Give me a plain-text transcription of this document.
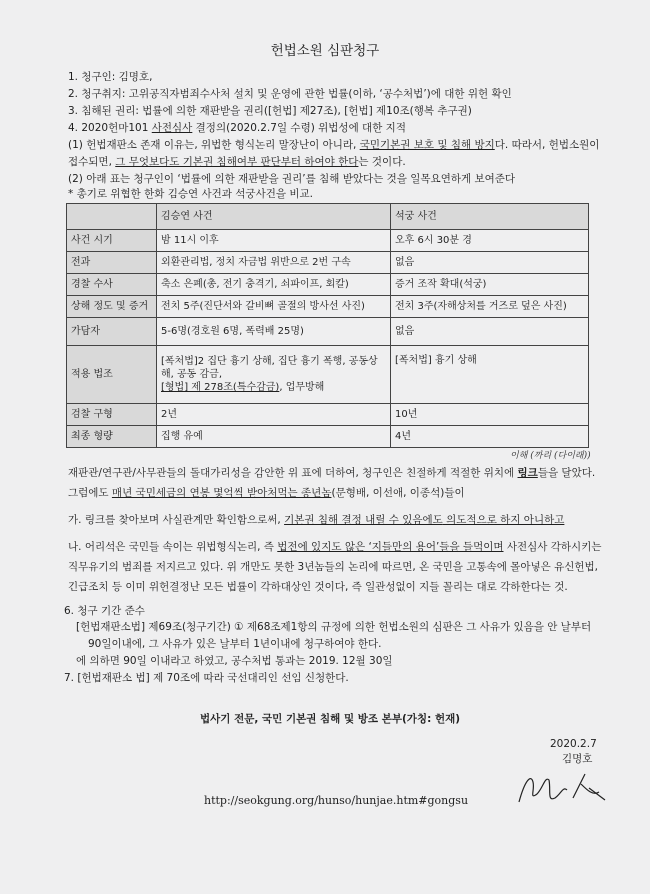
헌법소원 심판청구
1. 청구인: 김명호,
2. 청구취지: 고위공직자범죄수사처 설치 및 운영에 관한 법률(이하, ‘공수처법’)에 대한 위헌 확인
3. 침해된 권리: 법률에 의한 재판받을 권리([헌법] 제27조), [헌법] 제10조(행복 추구권)
4. 2020헌마101 사전심사 결정의(2020.2.7일 수령) 위법성에 대한 지적
(1) 헌법재판소 존재 이유는, 위법한 형식논리 말장난이 아니라, 국민기본권 보호 및 침해 방지다. 따라서, 헌법소원이
접수되면, 그 무엇보다도 기본권 침해여부 판단부터 하여야 한다는 것이다.
(2) 아래 표는 청구인이 ‘법률에 의한 재판받을 권리’를 침해 받았다는 것을 일목요연하게 보여준다
* 총기로 위협한 한화 김승연 사건과 석궁사건을 비교.
	김승연 사건	석궁 사건
사건 시기	밤 11시 이후	오후 6시 30분 경
전과	외환관리법, 정치 자금법 위반으로 2번 구속	없음
경찰 수사	축소 은폐(총, 전기 충격기, 쇠파이프, 회칼)	증거 조작 확대(석궁)
상해 정도 및 증거	전치 5주(진단서와 갈비뼈 골절의 방사선 사진)	전치 3주(자해상처를 거즈로 덮은 사진)
가담자	5-6명(경호원 6명, 폭력배 25명)	없음
적용 법조	[폭처법]2 집단 흉기 상해, 집단 흉기 폭행, 공동상해, 공동 감금,
[형법] 제 278조(특수감금), 업무방해	[폭처법] 흉기 상해
검찰 구형	2년	10년
최종 형량	집행 유예	4년
이해 (까리 (다이래))
재판관/연구관/사무관들의 돌대가리성을 감안한 위 표에 더하여, 청구인은 친절하게 적절한 위치에 링크들을 달았다.
그럼에도 매년 국민세금의 연봉 몇억씩 받아처먹는 종년놈(문형배, 이선애, 이종석)들이
가. 링크를 찾아보며 사실관계만 확인함으로써, 기본권 침해 결정 내릴 수 있음에도 의도적으로 하지 아니하고
나. 어리석은 국민들 속이는 위법형식논리, 즉 법전에 있지도 않은 ‘지들만의 용어’들을 들먹이며 사전심사 각하시키는
직무유기의 범죄를 저지르고 있다. 위 개만도 못한 3년놈들의 논리에 따르면, 온 국민을 고통속에 몰아넣은 유신헌법,
긴급조치 등 이미 위헌결정난 모든 법률이 각하대상인 것이다, 즉 일관성없이 지들 꼴리는 대로 각하한다는 것.
6. 청구 기간 준수
[헌법재판소법] 제69조(청구기간) ① 제68조제1항의 규정에 의한 헌법소원의 심판은 그 사유가 있음을 안 날부터
90일이내에, 그 사유가 있은 날부터 1년이내에 청구하여야 한다.
에 의하면 90일 이내라고 하였고, 공수처법 통과는 2019. 12월 30일
7. [헌법재판소 법] 제 70조에 따라 국선대리인 선임 신청한다.
법사기 전문, 국민 기본권 침해 및 방조 본부(가칭: 헌재)
2020.2.7
김명호
http://seokgung.org/hunso/hunjae.htm#gongsu
